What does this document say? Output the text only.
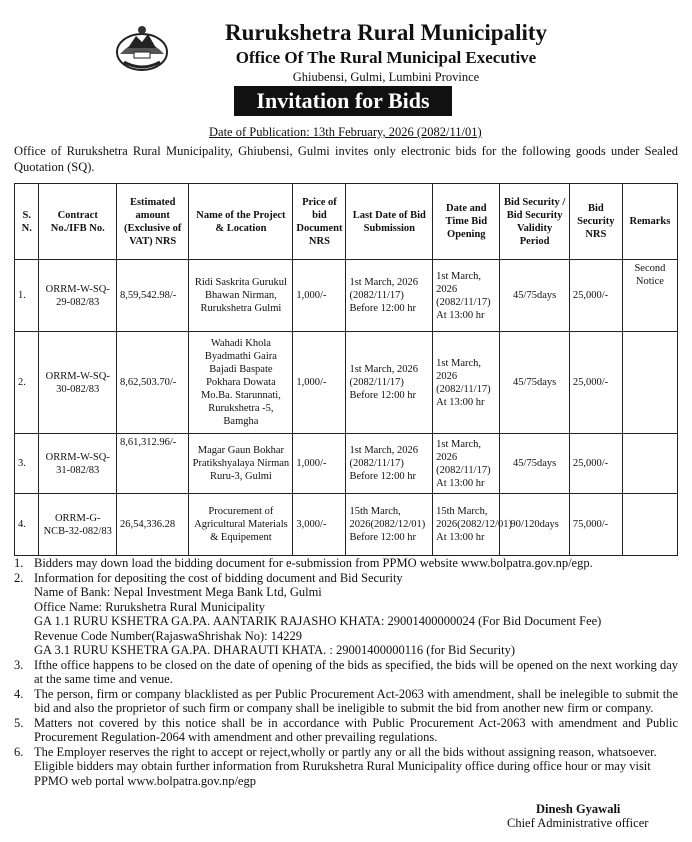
Rurukshetra Rural Municipality
Office Of The Rural Municipal Executive
Ghiubensi, Gulmi, Lumbini Province
Invitation for Bids
Date of Publication: 13th February, 2026 (2082/11/01)
Office of Rurukshetra Rural Municipality, Ghiubensi, Gulmi invites only electronic bids for the following goods under Sealed Quotation (SQ).
S. N.	Contract No./IFB No.	Estimated amount (Exclusive of VAT) NRS	Name of the Project & Location	Price of bid Document NRS	Last Date of Bid Submission	Date and Time Bid Opening	Bid Security / Bid Security Validity Period	Bid Security NRS	Remarks
1.	ORRM-W-SQ-29-082/83	8,59,542.98/-	Ridi Saskrita Gurukul Bhawan Nirman, Rurukshetra Gulmi	1,000/-	1st March, 2026 (2082/11/17) Before 12:00 hr	1st March, 2026 (2082/11/17) At 13:00 hr	45/75days	25,000/-	Second Notice
2.	ORRM-W-SQ-30-082/83	8,62,503.70/-	Wahadi Khola Byadmathi Gaira Bajadi Baspate Pokhara Dowata Mo.Ba. Starunnati, Rurukshetra -5, Bamgha	1,000/-	1st March, 2026 (2082/11/17) Before 12:00 hr	1st March, 2026 (2082/11/17) At 13:00 hr	45/75days	25,000/-	
3.	ORRM-W-SQ-31-082/83	8,61,312.96/-	Magar Gaun Bokhar Pratikshyalaya Nirman Ruru-3, Gulmi	1,000/-	1st March, 2026 (2082/11/17) Before 12:00 hr	1st March, 2026 (2082/11/17) At 13:00 hr	45/75days	25,000/-	
4.	ORRM-G-NCB-32-082/83	26,54,336.28	Procurement of Agricultural Materials & Equipement	3,000/-	15th March, 2026(2082/12/01) Before 12:00 hr	15th March, 2026(2082/12/01) At 13:00 hr	90/120days	75,000/-	
1. Bidders may down load the bidding document for e-submission from PPMO website www.bolpatra.gov.np/egp.
2. Information for depositing the cost of bidding document and Bid Security
Name of Bank: Nepal Investment Mega Bank Ltd, Gulmi
Office Name: Rurukshetra Rural Municipality
GA 1.1 RURU KSHETRA GA.PA. AANTARIK RAJASHO KHATA: 29001400000024 (For Bid Document Fee)
Revenue Code Number(RajaswaShrishak No): 14229
GA 3.1 RURU KSHETRA GA.PA. DHARAUTI KHATA. : 29001400000116 (for Bid Security)
3. Ifthe office happens to be closed on the date of opening of the bids as specified, the bids will be opened on the next working day at the same time and venue.
4. The person, firm or company blacklisted as per Public Procurement Act-2063 with amendment, shall be inelegible to submit the bid and also the proprietor of such firm or company shall be ineligible to submit the bid from another new firm or company.
5. Matters not covered by this notice shall be in accordance with Public Procurement Act-2063 with amendment and Public Procurement Regulation-2064 with amendment and other prevailing regulations.
6. The Employer reserves the right to accept or reject,wholly or partly any or all the bids without assigning reason, whatsoever.
Eligible bidders may obtain further information from Rurukshetra Rural Municipality office during office hour or may visit PPMO web portal www.bolpatra.gov.np/egp
Dinesh Gyawali
Chief Administrative officer
